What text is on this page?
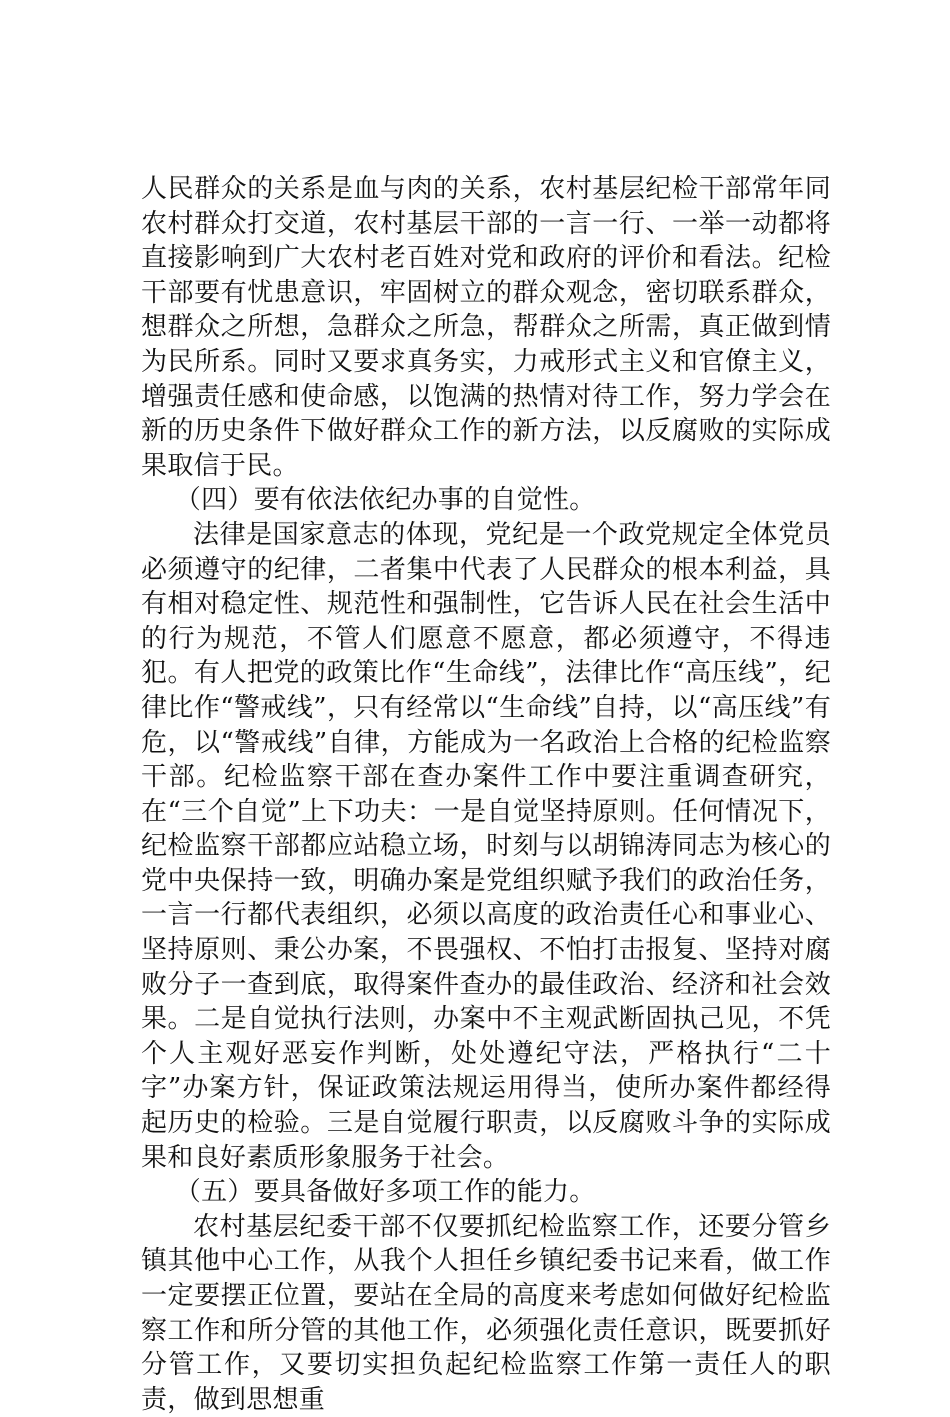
人民群众的关系是血与肉的关系，农村基层纪检干部常年同农村群众打交道，农村基层干部的一言一行、一举一动都将直接影响到广大农村老百姓对党和政府的评价和看法。纪检干部要有忧患意识，牢固树立的群众观念，密切联系群众，想群众之所想，急群众之所急，帮群众之所需，真正做到情为民所系。同时又要求真务实，力戒形式主义和官僚主义，增强责任感和使命感，以饱满的热情对待工作，努力学会在新的历史条件下做好群众工作的新方法，以反腐败的实际成果取信于民。

（四）要有依法依纪办事的自觉性。

法律是国家意志的体现，党纪是一个政党规定全体党员必须遵守的纪律，二者集中代表了人民群众的根本利益，具有相对稳定性、规范性和强制性，它告诉人民在社会生活中的行为规范，不管人们愿意不愿意，都必须遵守，不得违犯。有人把党的政策比作“生命线”，法律比作“高压线”，纪律比作“警戒线”，只有经常以“生命线”自持，以“高压线”有危，以“警戒线”自律，方能成为一名政治上合格的纪检监察干部。纪检监察干部在查办案件工作中要注重调查研究，在“三个自觉”上下功夫：一是自觉坚持原则。任何情况下，纪检监察干部都应站稳立场，时刻与以胡锦涛同志为核心的党中央保持一致，明确办案是党组织赋予我们的政治任务，一言一行都代表组织，必须以高度的政治责任心和事业心、坚持原则、秉公办案，不畏强权、不怕打击报复、坚持对腐败分子一查到底，取得案件查办的最佳政治、经济和社会效果。二是自觉执行法则，办案中不主观武断固执己见，不凭个人主观好恶妄作判断，处处遵纪守法，严格执行“二十字”办案方针，保证政策法规运用得当，使所办案件都经得起历史的检验。三是自觉履行职责，以反腐败斗争的实际成果和良好素质形象服务于社会。

（五）要具备做好多项工作的能力。

农村基层纪委干部不仅要抓纪检监察工作，还要分管乡镇其他中心工作，从我个人担任乡镇纪委书记来看，做工作一定要摆正位置，要站在全局的高度来考虑如何做好纪检监察工作和所分管的其他工作，必须强化责任意识，既要抓好分管工作，又要切实担负起纪检监察工作第一责任人的职责，做到思想重
